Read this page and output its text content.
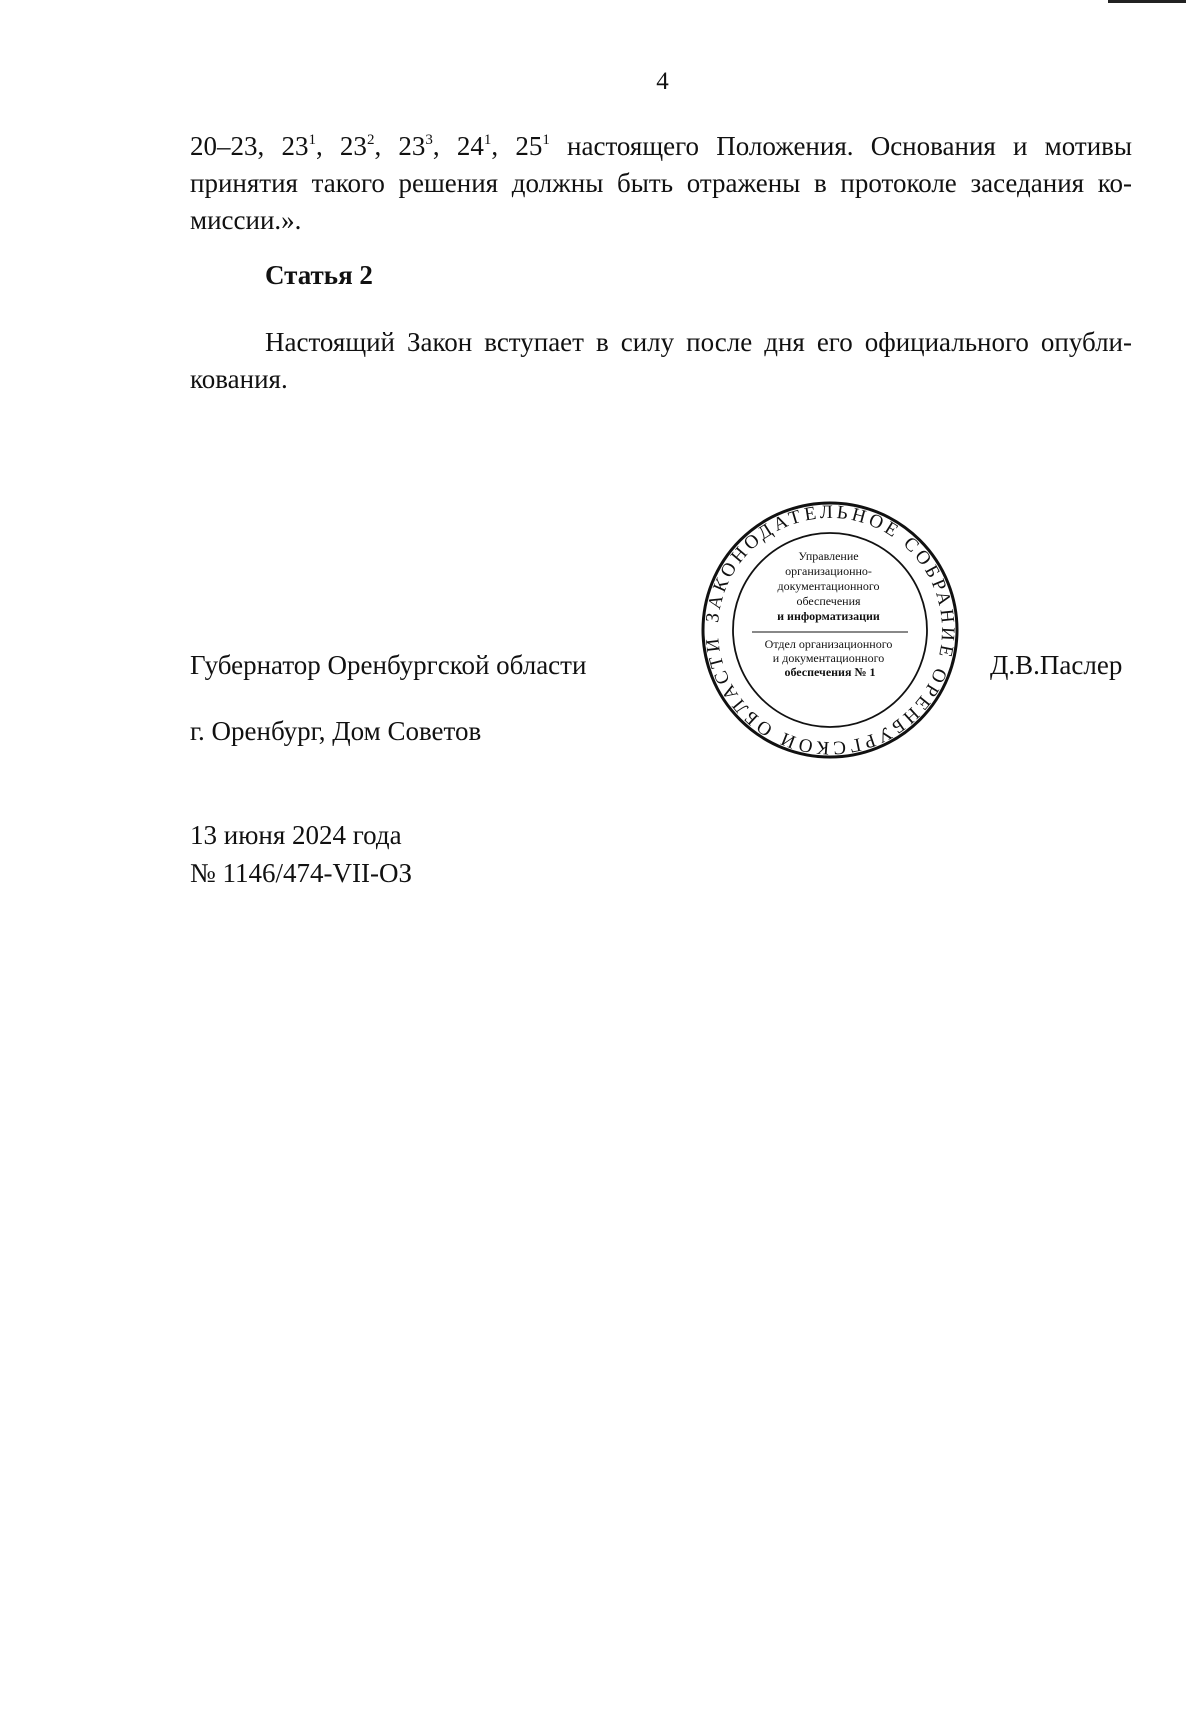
4
20–23, $23^1$, $23^2$, $23^3$, $24^1$, $25^1$ настоящего Положения. Основания и мотивы
принятия такого решения должны быть отражены в протоколе заседания ко-
миссии.».
Статья 2
Настоящий Закон вступает в силу после дня его официального опубли-
кования.
Губернатор Оренбургской области	Д.В.Паслер
ЗАКОНОДАТЕЛЬНОЕ СОБРАНИЕ ОРЕНБУРГСКОЙ ОБЛАСТИ
Управление организационно- документационного обеспечения и информатизации Отдел организационного и документационного обеспечения № 1
г. Оренбург, Дом Советов
13 июня 2024 года
№ 1146/474-VII-ОЗ
